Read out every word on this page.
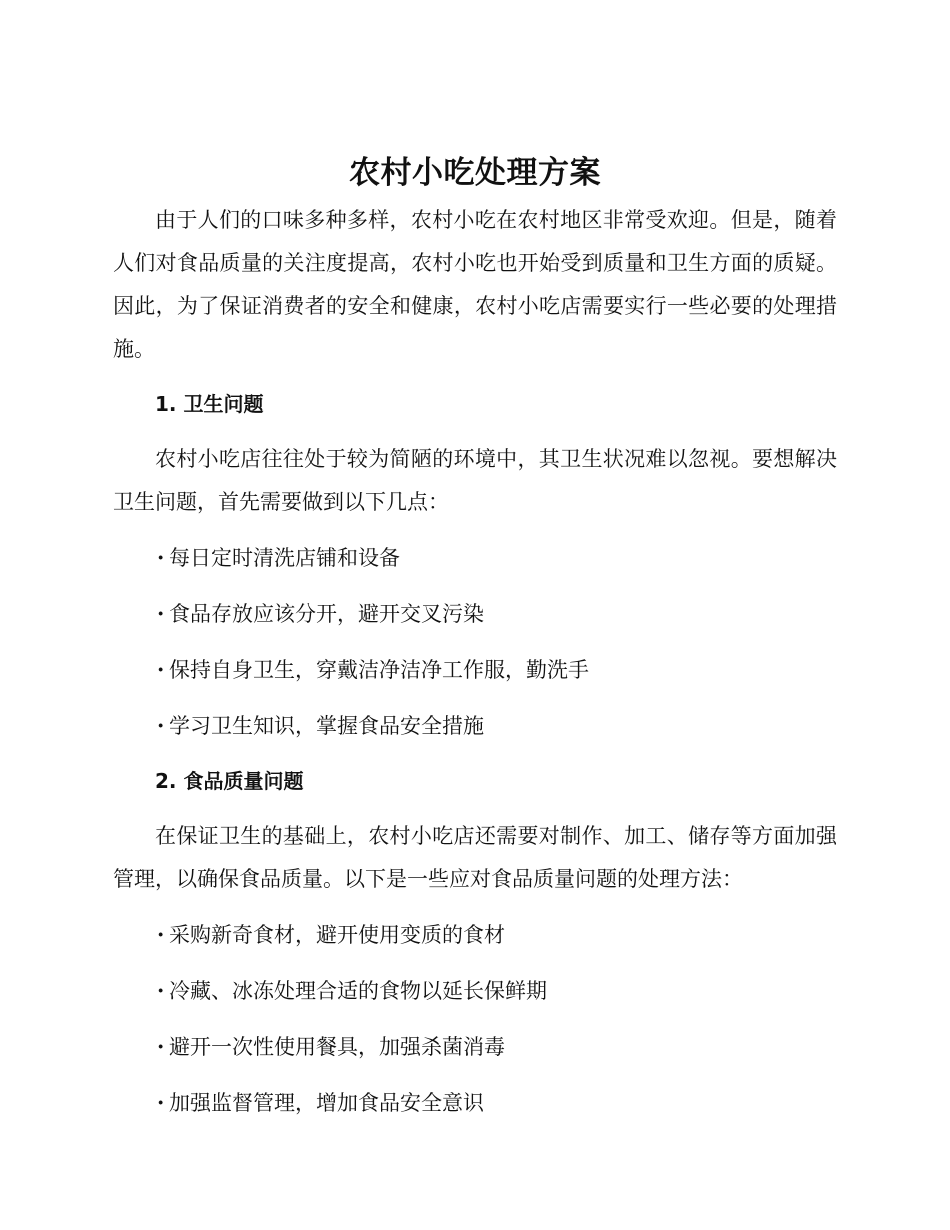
农村小吃处理方案

由于人们的口味多种多样，农村小吃在农村地区非常受欢迎。但是，随着人们对食品质量的关注度提高，农村小吃也开始受到质量和卫生方面的质疑。因此，为了保证消费者的安全和健康，农村小吃店需要实行一些必要的处理措施。

1. 卫生问题

农村小吃店往往处于较为简陋的环境中，其卫生状况难以忽视。要想解决卫生问题，首先需要做到以下几点：

· 每日定时清洗店铺和设备
· 食品存放应该分开，避开交叉污染
· 保持自身卫生，穿戴洁净洁净工作服，勤洗手
· 学习卫生知识，掌握食品安全措施
2. 食品质量问题

在保证卫生的基础上，农村小吃店还需要对制作、加工、储存等方面加强管理，以确保食品质量。以下是一些应对食品质量问题的处理方法：

· 采购新奇食材，避开使用变质的食材
· 冷藏、冰冻处理合适的食物以延长保鲜期
· 避开一次性使用餐具，加强杀菌消毒
· 加强监督管理，增加食品安全意识
